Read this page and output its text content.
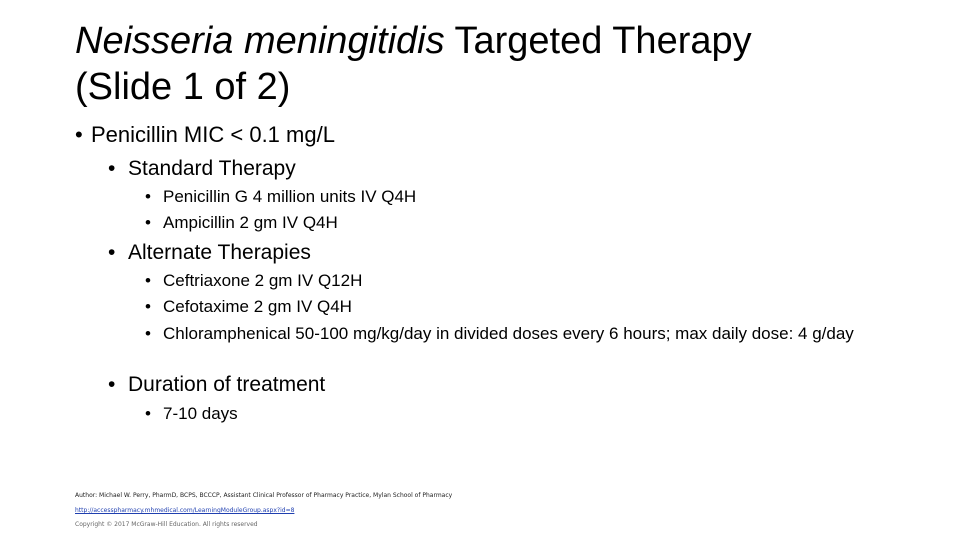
Neisseria meningitidis Targeted Therapy
(Slide 1 of 2)
• Penicillin MIC < 0.1 mg/L
• Standard Therapy
• Penicillin G 4 million units IV Q4H
• Ampicillin 2 gm IV Q4H
• Alternate Therapies
• Ceftriaxone 2 gm IV Q12H
• Cefotaxime 2 gm IV Q4H
• Chloramphenical 50-100 mg/kg/day in divided doses every 6 hours; max daily dose: 4 g/day
• Duration of treatment
• 7-10 days
Author: Michael W. Perry, PharmD, BCPS, BCCCP, Assistant Clinical Professor of Pharmacy Practice, Mylan School of Pharmacy
http://accesspharmacy.mhmedical.com/LearningModuleGroup.aspx?id=8
Copyright © 2017 McGraw-Hill Education. All rights reserved
